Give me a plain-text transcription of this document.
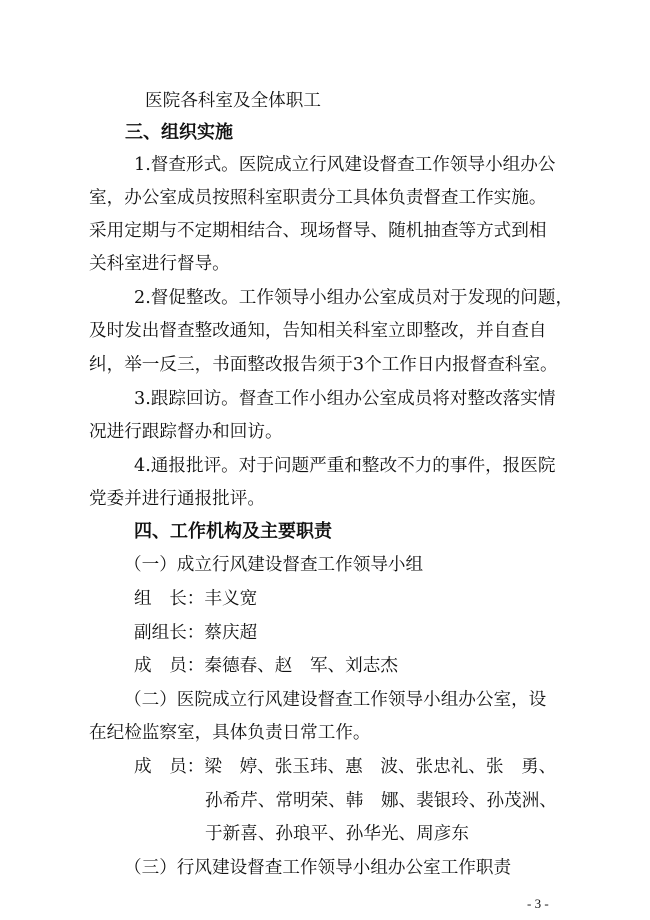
医院各科室及全体职工
三、组织实施
1.督查形式。医院成立行风建设督查工作领导小组办公
室，办公室成员按照科室职责分工具体负责督查工作实施。
采用定期与不定期相结合、现场督导、随机抽查等方式到相
关科室进行督导。
2.督促整改。工作领导小组办公室成员对于发现的问题，
及时发出督查整改通知，告知相关科室立即整改，并自查自
纠，举一反三，书面整改报告须于3个工作日内报督查科室。
3.跟踪回访。督查工作小组办公室成员将对整改落实情
况进行跟踪督办和回访。
4.通报批评。对于问题严重和整改不力的事件，报医院
党委并进行通报批评。
四、工作机构及主要职责
（一）成立行风建设督查工作领导小组
组　长：丰义宽
副组长：蔡庆超
成　员：秦德春、赵　军、刘志杰
（二）医院成立行风建设督查工作领导小组办公室，设
在纪检监察室，具体负责日常工作。
成　员：梁　婷、张玉玮、惠　波、张忠礼、张　勇、
孙希芹、常明荣、韩　娜、裴银玲、孙茂洲、
于新喜、孙琅平、孙华光、周彦东
（三）行风建设督查工作领导小组办公室工作职责
- 3 -
